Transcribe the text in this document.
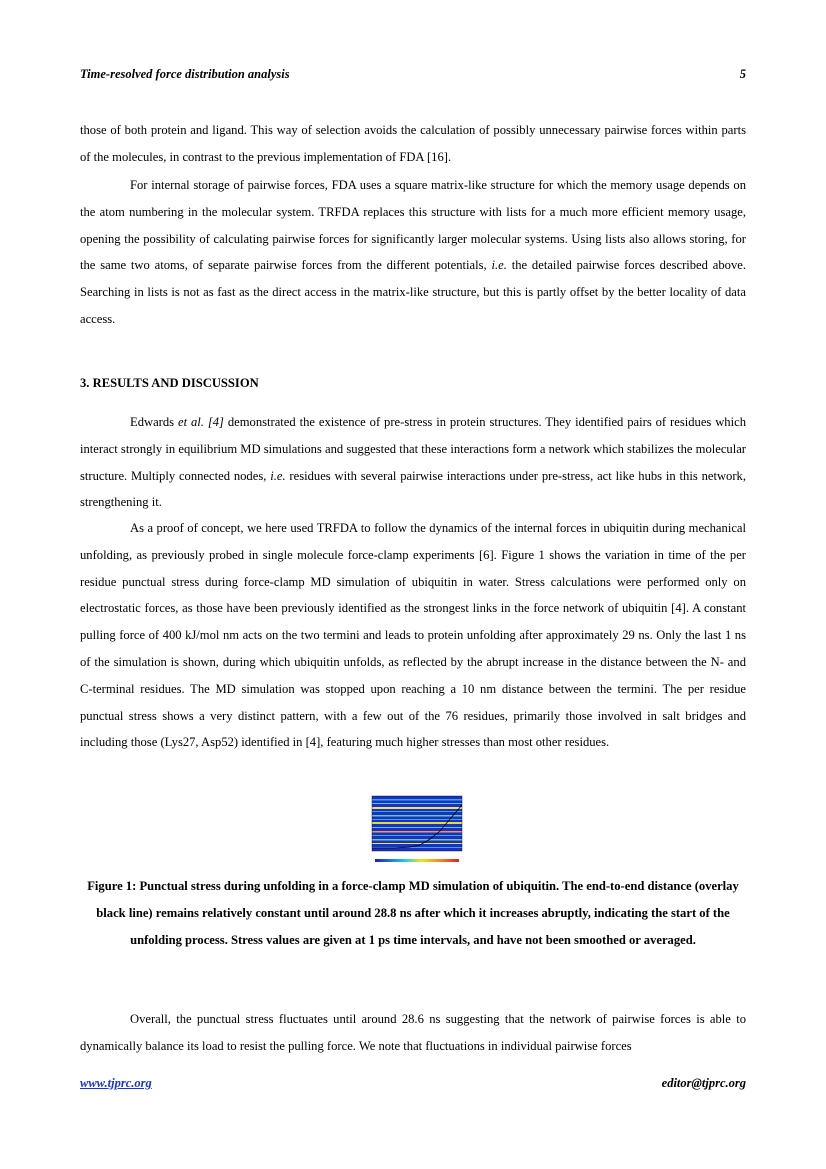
Time-resolved force distribution analysis	5

those of both protein and ligand. This way of selection avoids the calculation of possibly unnecessary pairwise forces within parts of the molecules, in contrast to the previous implementation of FDA [16].

For internal storage of pairwise forces, FDA uses a square matrix-like structure for which the memory usage depends on the atom numbering in the molecular system. TRFDA replaces this structure with lists for a much more efficient memory usage, opening the possibility of calculating pairwise forces for significantly larger molecular systems. Using lists also allows storing, for the same two atoms, of separate pairwise forces from the different potentials, i.e. the detailed pairwise forces described above. Searching in lists is not as fast as the direct access in the matrix-like structure, but this is partly offset by the better locality of data access.

3. RESULTS AND DISCUSSION

Edwards et al. [4] demonstrated the existence of pre-stress in protein structures. They identified pairs of residues which interact strongly in equilibrium MD simulations and suggested that these interactions form a network which stabilizes the molecular structure. Multiply connected nodes, i.e. residues with several pairwise interactions under pre-stress, act like hubs in this network, strengthening it.

As a proof of concept, we here used TRFDA to follow the dynamics of the internal forces in ubiquitin during mechanical unfolding, as previously probed in single molecule force-clamp experiments [6]. Figure 1 shows the variation in time of the per residue punctual stress during force-clamp MD simulation of ubiquitin in water. Stress calculations were performed only on electrostatic forces, as those have been previously identified as the strongest links in the force network of ubiquitin [4]. A constant pulling force of 400 kJ/mol nm acts on the two termini and leads to protein unfolding after approximately 29 ns. Only the last 1 ns of the simulation is shown, during which ubiquitin unfolds, as reflected by the abrupt increase in the distance between the N- and C-terminal residues. The MD simulation was stopped upon reaching a 10 nm distance between the termini. The per residue punctual stress shows a very distinct pattern, with a few out of the 76 residues, primarily those involved in salt bridges and including those (Lys27, Asp52) identified in [4], featuring much higher stresses than most other residues.

Figure 1: Punctual stress during unfolding in a force-clamp MD simulation of ubiquitin. The end-to-end distance (overlay black line) remains relatively constant until around 28.8 ns after which it increases abruptly, indicating the start of the unfolding process. Stress values are given at 1 ps time intervals, and have not been smoothed or averaged.

Overall, the punctual stress fluctuates until around 28.6 ns suggesting that the network of pairwise forces is able to dynamically balance its load to resist the pulling force. We note that fluctuations in individual pairwise forces

www.tjprc.org	editor@tjprc.org
